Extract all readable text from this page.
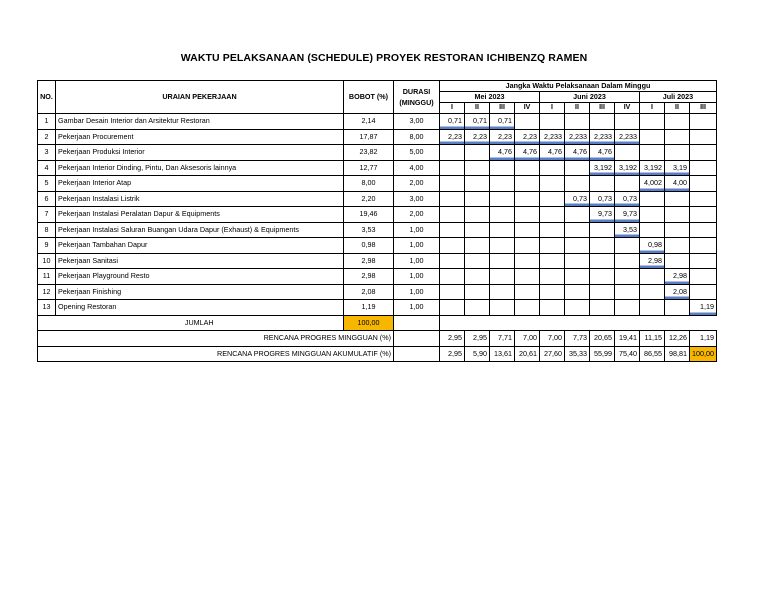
WAKTU PELAKSANAAN (SCHEDULE) PROYEK RESTORAN ICHIBENZQ RAMEN
NO.	URAIAN PEKERJAAN	BOBOT (%)	DURASI
(MINGGU)	Jangka Waktu Pelaksanaan Dalam Minggu										
				Mei 2023				Juni 2023				Juli 2023		
				I	II	III	IV	I	II	III	IV	I	II	III
1	Gambar Desain Interior dan Arsitektur Restoran	2,14	3,00	0,71	0,71	0,71								
2	Pekerjaan Procurement	17,87	8,00	2,23	2,23	2,23	2,23	2,233	2,233	2,233	2,233			
3	Pekerjaan Produksi Interior	23,82	5,00			4,76	4,76	4,76	4,76	4,76				
4	Pekerjaan Interior Dinding, Pintu, Dan Aksesoris lainnya	12,77	4,00							3,192	3,192	3,192	3,19	
5	Pekerjaan Interior Atap	8,00	2,00									4,002	4,00	
6	Pekerjaan Instalasi Listrik	2,20	3,00						0,73	0,73	0,73			
7	Pekerjaan Instalasi Peralatan Dapur & Equipments	19,46	2,00							9,73	9,73			
8	Pekerjaan Instalasi Saluran Buangan Udara Dapur (Exhaust) & Equipments	3,53	1,00								3,53			
9	Pekerjaan Tambahan Dapur	0,98	1,00									0,98		
10	Pekerjaan Sanitasi	2,98	1,00									2,98		
11	Pekerjaan Playground Resto	2,98	1,00										2,98	
12	Pekerjaan Finishing	2,08	1,00										2,08	
13	Opening Restoran	1,19	1,00											1,19
	JUMLAH	100,00												
RENCANA PROGRES MINGGUAN (%)				2,95	2,95	7,71	7,00	7,00	7,73	20,65	19,41	11,15	12,26	1,19
RENCANA PROGRES MINGGUAN AKUMULATIF (%)				2,95	5,90	13,61	20,61	27,60	35,33	55,99	75,40	86,55	98,81	100,00
